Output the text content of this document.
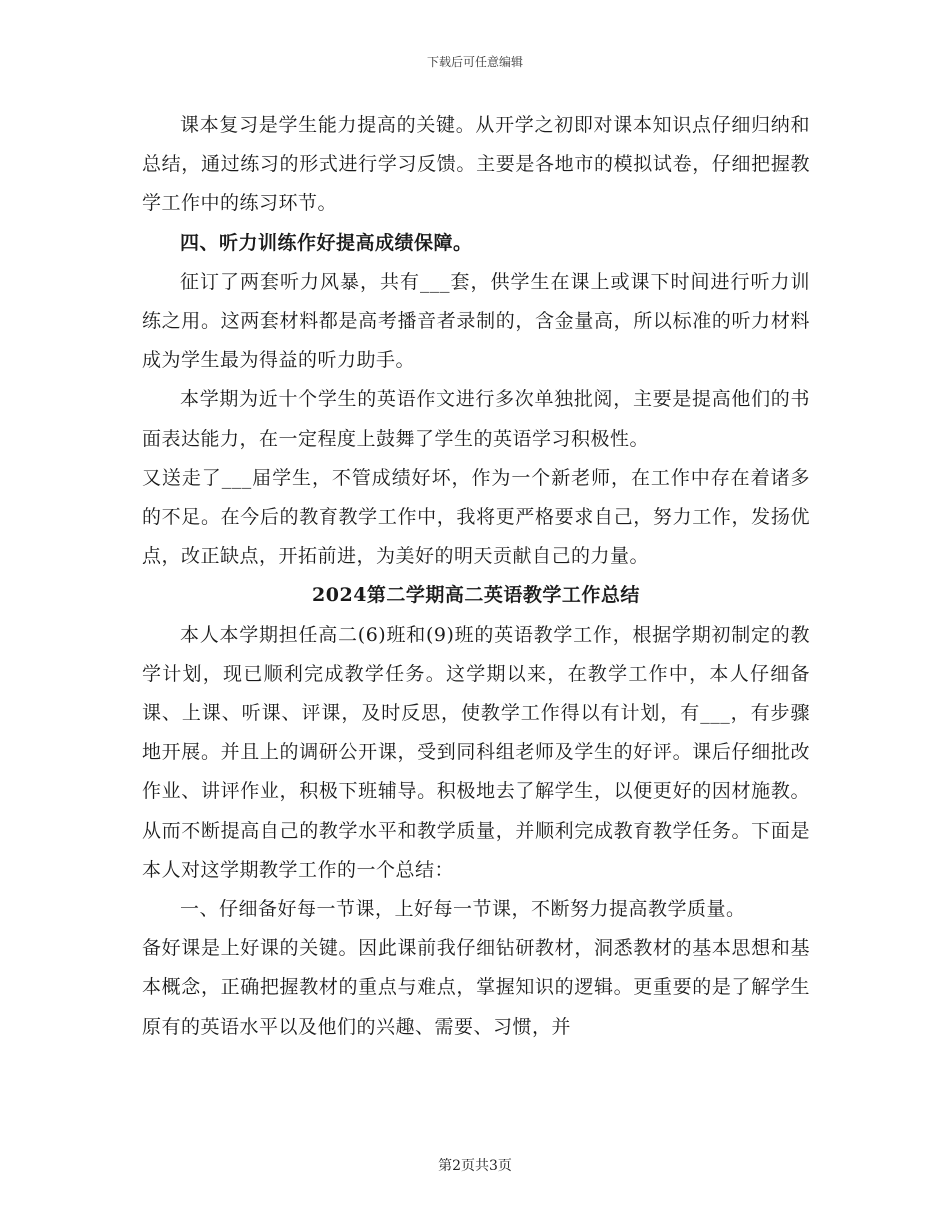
下载后可任意编辑

课本复习是学生能力提高的关键。从开学之初即对课本知识点仔细归纳和总结，通过练习的形式进行学习反馈。主要是各地市的模拟试卷，仔细把握教学工作中的练习环节。

四、听力训练作好提高成绩保障。

征订了两套听力风暴，共有___套，供学生在课上或课下时间进行听力训练之用。这两套材料都是高考播音者录制的，含金量高，所以标准的听力材料成为学生最为得益的听力助手。

本学期为近十个学生的英语作文进行多次单独批阅，主要是提高他们的书面表达能力，在一定程度上鼓舞了学生的英语学习积极性。

又送走了___届学生，不管成绩好坏，作为一个新老师，在工作中存在着诸多的不足。在今后的教育教学工作中，我将更严格要求自己，努力工作，发扬优点，改正缺点，开拓前进，为美好的明天贡献自己的力量。

2024第二学期高二英语教学工作总结

本人本学期担任高二(6)班和(9)班的英语教学工作，根据学期初制定的教学计划，现已顺利完成教学任务。这学期以来，在教学工作中，本人仔细备课、上课、听课、评课，及时反思，使教学工作得以有计划，有___，有步骤地开展。并且上的调研公开课，受到同科组老师及学生的好评。课后仔细批改作业、讲评作业，积极下班辅导。积极地去了解学生，以便更好的因材施教。从而不断提高自己的教学水平和教学质量，并顺利完成教育教学任务。下面是本人对这学期教学工作的一个总结：

一、仔细备好每一节课，上好每一节课，不断努力提高教学质量。

备好课是上好课的关键。因此课前我仔细钻研教材，洞悉教材的基本思想和基本概念，正确把握教材的重点与难点，掌握知识的逻辑。更重要的是了解学生原有的英语水平以及他们的兴趣、需要、习惯，并

第2页共3页
